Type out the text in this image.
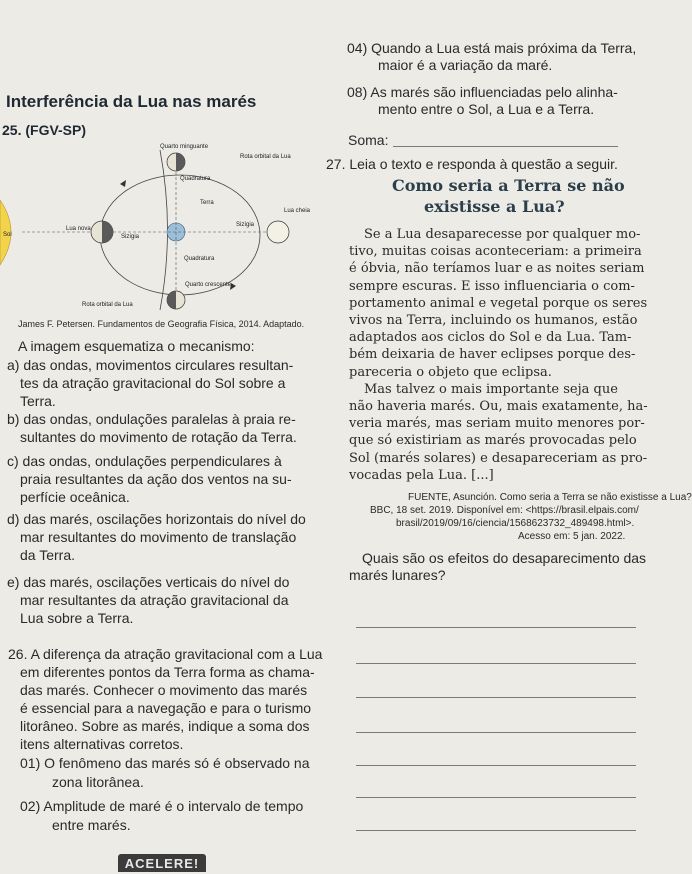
04) Quando a Lua está mais próxima da Terra,
maior é a variação da maré.
08) As marés são influenciadas pelo alinha-
mento entre o Sol, a Lua e a Terra.
Interferência da Lua nas marés
25. (FGV-SP)
Soma:
Sol
Quarto minguante
Rota orbital da Lua
Quadratura
Terra
Lua nova
Sizígia
Sizígia
Lua cheia
Quadratura
Quarto crescente
Rota orbital da Lua
James F. Petersen. Fundamentos de Geografia Física, 2014. Adaptado.
A imagem esquematiza o mecanismo:
a) das ondas, movimentos circulares resultan-
tes da atração gravitacional do Sol sobre a
Terra.
b) das ondas, ondulações paralelas à praia re-
sultantes do movimento de rotação da Terra.
c) das ondas, ondulações perpendiculares à
praia resultantes da ação dos ventos na su-
perfície oceânica.
d) das marés, oscilações horizontais do nível do
mar resultantes do movimento de translação
da Terra.
e) das marés, oscilações verticais do nível do
mar resultantes da atração gravitacional da
Lua sobre a Terra.
26. A diferença da atração gravitacional com a Lua
em diferentes pontos da Terra forma as chama-
das marés. Conhecer o movimento das marés
é essencial para a navegação e para o turismo
litorâneo. Sobre as marés, indique a soma dos
itens alternativas corretos.
01) O fenômeno das marés só é observado na
zona litorânea.
02) Amplitude de maré é o intervalo de tempo
entre marés.
ACELERE!
27. Leia o texto e responda à questão a seguir.
Como seria a Terra se não
existisse a Lua?
Se a Lua desaparecesse por qualquer mo-
tivo, muitas coisas aconteceriam: a primeira
é óbvia, não teríamos luar e as noites seriam
sempre escuras. E isso influenciaria o com-
portamento animal e vegetal porque os seres
vivos na Terra, incluindo os humanos, estão
adaptados aos ciclos do Sol e da Lua. Tam-
bém deixaria de haver eclipses porque des-
pareceria o objeto que eclipsa.
Mas talvez o mais importante seja que
não haveria marés. Ou, mais exatamente, ha-
veria marés, mas seriam muito menores por-
que só existiriam as marés provocadas pelo
Sol (marés solares) e desapareceriam as pro-
vocadas pela Lua. [...]
FUENTE, Asunción. Como seria a Terra se não existisse a Lua?
BBC, 18 set. 2019. Disponível em: <https://brasil.elpais.com/
brasil/2019/09/16/ciencia/1568623732_489498.html>.
Acesso em: 5 jan. 2022.
Quais são os efeitos do desaparecimento das
marés lunares?
